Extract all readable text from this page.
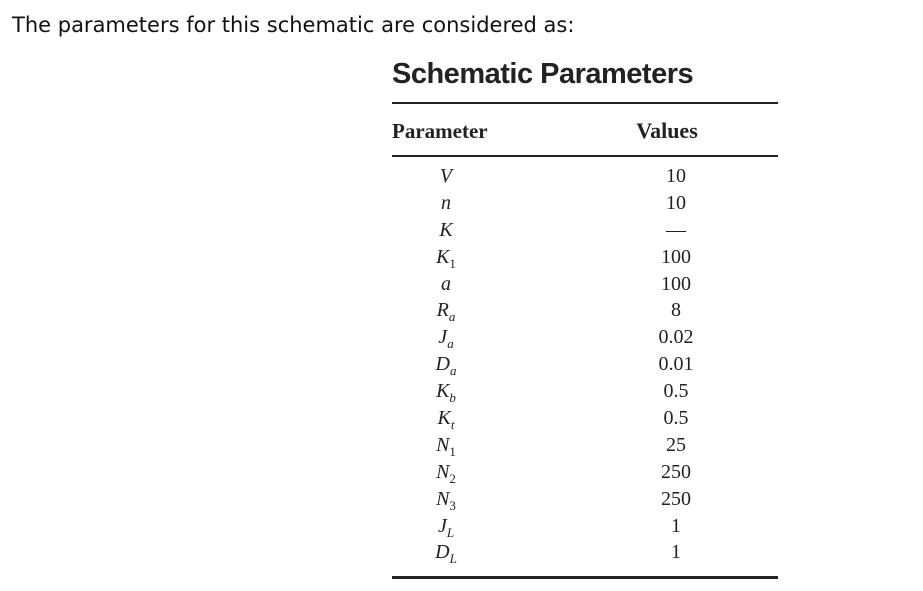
The parameters for this schematic are considered as:
Schematic Parameters
Parameter	Values
V	10
n	10
K	—
$K_1$	100
a	100
$R_a$	8
$J_a$	0.02
$D_a$	0.01
$K_b$	0.5
$K_t$	0.5
$N_1$	25
$N_2$	250
$N_3$	250
$J_L$	1
$D_L$	1
